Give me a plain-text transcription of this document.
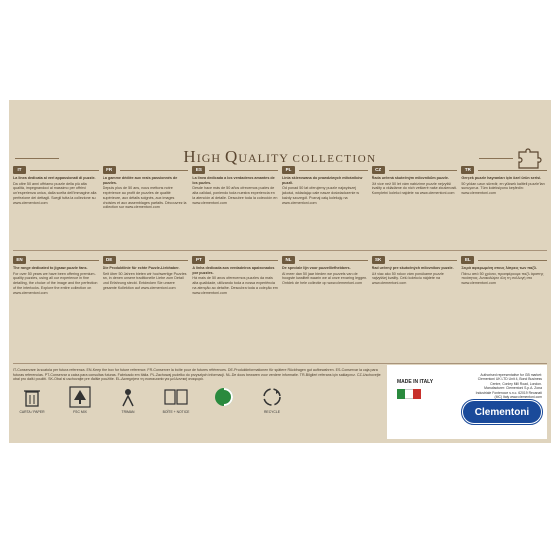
HIGH QUALITY COLLECTION
IT

La linea dedicata ai veri appassionati di puzzle.

Da oltre 50 anni offriamo puzzle della più alta qualità, impegnandoci al massimo per offrirvi un'esperienza unica, dalla scelta dell'immagine alla perfezione dei dettagli. Scegli tutta la collezione su www.clementoni.com

FR

La gamme dédiée aux vrais passionnés de puzzles.

Depuis plus de 50 ans, nous mettons notre expérience au profit de puzzles de qualité supérieure, aux détails soignés, aux images choisies et aux assemblages parfaits. Découvrez la collection sur www.clementoni.com

ES

La línea dedicada a los verdaderos amantes de los puzles.

Desde hace más de 50 años ofrecemos puzles de alta calidad, poniendo toda nuestra experiencia en la atención al detalle. Descubre toda la colección en www.clementoni.com

PL

Linia skierowana do prawdziwych miłośników puzzli.

Od ponad 50 lat oferujemy puzzle najwyższej jakości, wkładając całe nasze doświadczenie w każdy szczegół. Poznaj całą kolekcję na www.clementoni.com

CZ

Řada určená skutečným milovníkům puzzle.

Již více než 50 let vám nabízíme puzzle nejvyšší kvality a vkládáme do nich veškeré naše zkušenosti. Kompletní kolekci najdete na www.clementoni.com

TR

Gerçek puzzle hayranları için özel ürün serisi.

50 yıldan uzun süredir, en yüksek kaliteli puzzle'ları sunuyoruz. Tüm koleksiyonu keşfedin: www.clementoni.com

EN

The range dedicated to jigsaw puzzle fans.

For over 50 years we have been offering premium-quality puzzles, using all our experience in fine detailing, the choice of the image and the perfection of the interlocks. Explore the entire collection on www.clementoni.com

DE

Die Produktlinie für echte Puzzle-Liebhaber.

Seit über 50 Jahren bieten wir hochwertige Puzzles an, in denen unsere traditionelle Liebe zum Detail und Erfahrung steckt. Entdecken Sie unsere gesamte Kollektion auf www.clementoni.com

PT

A linha dedicada aos verdadeiros apaixonados por puzzles.

Há mais de 50 anos oferecemos puzzles da mais alta qualidade, utilizando toda a nossa experiência na atenção ao detalhe. Descubra toda a coleção em www.clementoni.com

NL

De speciale lijn voor puzzelliefhebbers.

Al meer dan 50 jaar bieden we puzzels van de hoogste kwaliteit waarin we al onze ervaring leggen. Ontdek de hele collectie op www.clementoni.com

SK

Rad určený pre skutočných milovníkov puzzle.

Už viac ako 50 rokov vám ponúkame puzzle najvyššej kvality. Celú kolekciu nájdete na www.clementoni.com

EL

Σειρά αφιερωμένη στους λάτρεις των παζλ.

Πάνω από 50 χρόνια, προσφέρουμε παζλ άριστης ποιότητας. Ανακαλύψτε όλη τη συλλογή στο www.clementoni.com

IT-Conservare la scatola per futura referenza. EN-Keep the box for future reference. FR-Conserver la boîte pour de futures références. DE-Produktinformationen für spätere Rückfragen gut aufbewahren. ES-Conservar la caja para futuras referencias. PT-Conservar a caixa para consultas futuras. Fabricado em Itália. PL-Zachowaj pudełko do przyszłych informacji. NL-De doos bewaren voor verdere informatie. TR-Bilgileri referans için saklayınız. CZ-Uschovejte obal pro další použití. SK-Obal si uschovajte pre ďalšie použitie. EL-Διατηρήστε τη συσκευασία για μελλοντική αναφορά.
CARTA / PAPER	FSC MIX	TRIMAN	BOÎTE + NOTICE	RECYCLE
MADE IN ITALY

Authorised representative for GB market: Clementoni UK LTD Unit 4, Bond Business Centre, Conley Mill Road, London. Manufacturer: Clementoni S.p.A. Zona Industriale Fontenoce s.n.c. 62019 Recanati (MC) Italy www.clementoni.com

Clementoni
